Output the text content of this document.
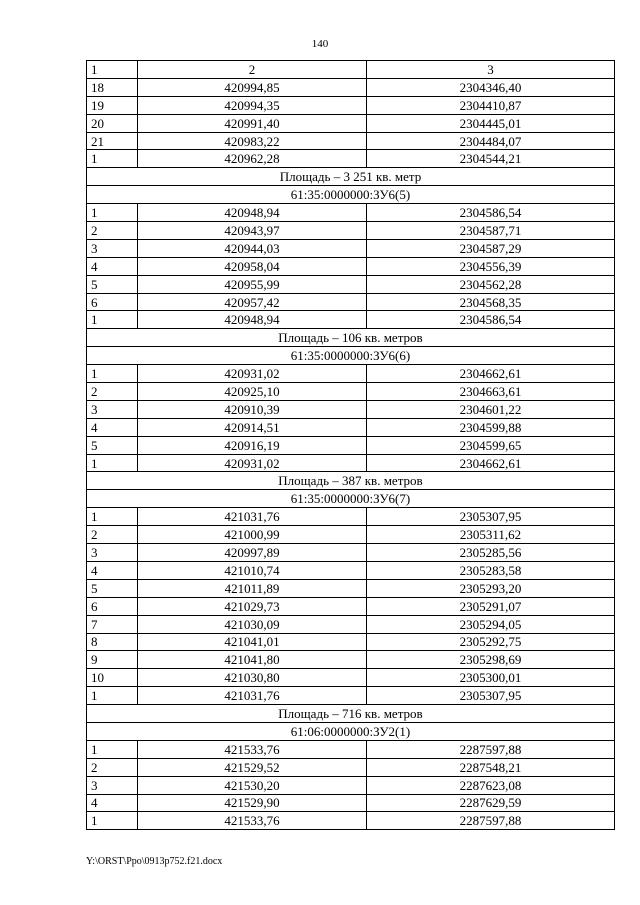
140
1	2	3
18	420994,85	2304346,40
19	420994,35	2304410,87
20	420991,40	2304445,01
21	420983,22	2304484,07
1	420962,28	2304544,21
Площадь – 3 251 кв. метр		
61:35:0000000:ЗУ6(5)		
1	420948,94	2304586,54
2	420943,97	2304587,71
3	420944,03	2304587,29
4	420958,04	2304556,39
5	420955,99	2304562,28
6	420957,42	2304568,35
1	420948,94	2304586,54
Площадь – 106 кв. метров		
61:35:0000000:ЗУ6(6)		
1	420931,02	2304662,61
2	420925,10	2304663,61
3	420910,39	2304601,22
4	420914,51	2304599,88
5	420916,19	2304599,65
1	420931,02	2304662,61
Площадь – 387 кв. метров		
61:35:0000000:ЗУ6(7)		
1	421031,76	2305307,95
2	421000,99	2305311,62
3	420997,89	2305285,56
4	421010,74	2305283,58
5	421011,89	2305293,20
6	421029,73	2305291,07
7	421030,09	2305294,05
8	421041,01	2305292,75
9	421041,80	2305298,69
10	421030,80	2305300,01
1	421031,76	2305307,95
Площадь – 716 кв. метров		
61:06:0000000:ЗУ2(1)		
1	421533,76	2287597,88
2	421529,52	2287548,21
3	421530,20	2287623,08
4	421529,90	2287629,59
1	421533,76	2287597,88
Y:\ORST\Ppo\0913p752.f21.docx
